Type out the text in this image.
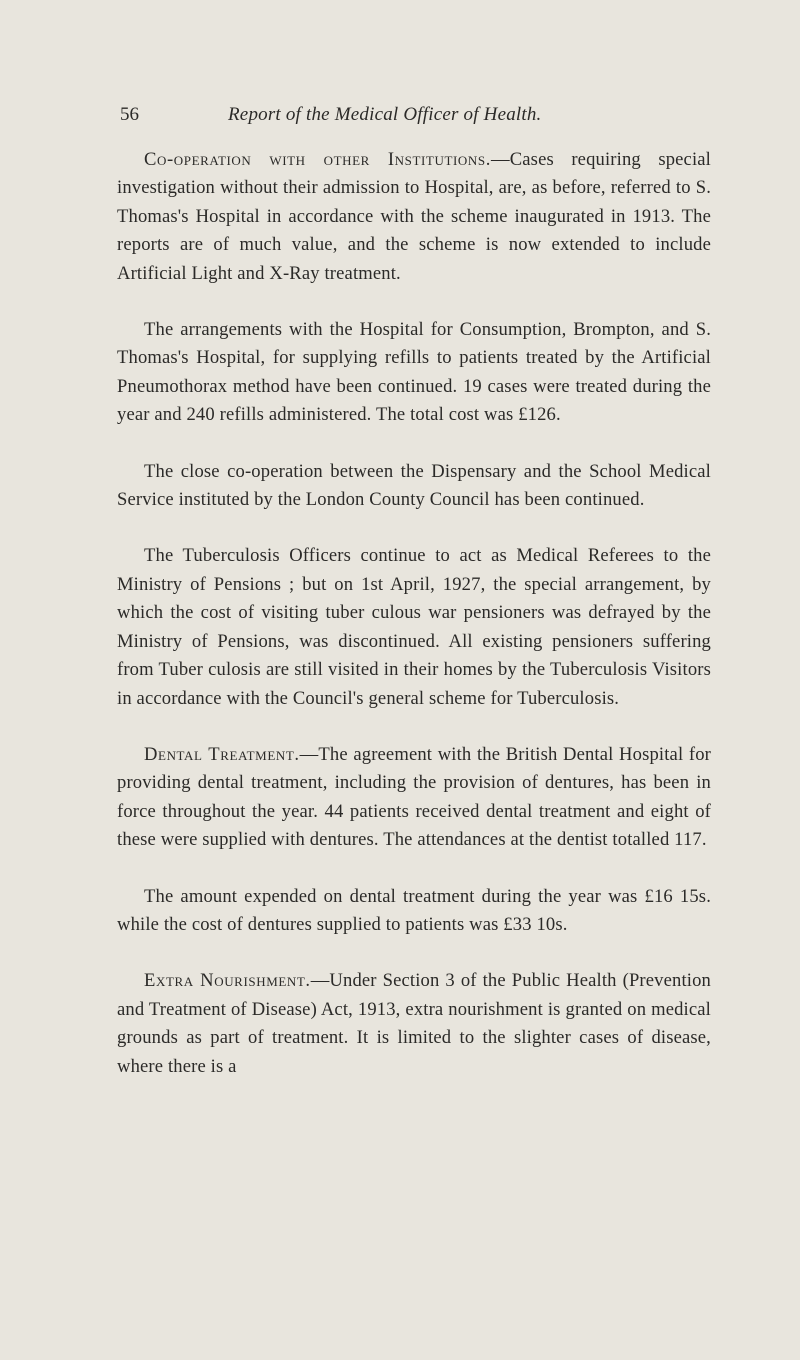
56	Report of the Medical Officer of Health.

Co-operation with other Institutions.—Cases requiring special investigation without their admission to Hospital, are, as before, referred to S. Thomas's Hospital in accordance with the scheme inaugurated in 1913. The reports are of much value, and the scheme is now extended to include Artificial Light and X-Ray treatment.

The arrangements with the Hospital for Consumption, Brompton, and S. Thomas's Hospital, for supplying refills to patients treated by the Artificial Pneumothorax method have been continued. 19 cases were treated during the year and 240 refills administered. The total cost was £126.

The close co-operation between the Dispensary and the School Medical Service instituted by the London County Council has been continued.

The Tuberculosis Officers continue to act as Medical Referees to the Ministry of Pensions ; but on 1st April, 1927, the special arrangement, by which the cost of visiting tuber culous war pensioners was defrayed by the Ministry of Pensions, was discontinued. All existing pensioners suffering from Tuber culosis are still visited in their homes by the Tuberculosis Visitors in accordance with the Council's general scheme for Tuberculosis.

Dental Treatment.—The agreement with the British Dental Hospital for providing dental treatment, including the provision of dentures, has been in force throughout the year. 44 patients received dental treatment and eight of these were supplied with dentures. The attendances at the dentist totalled 117.

The amount expended on dental treatment during the year was £16 15s. while the cost of dentures supplied to patients was £33 10s.

Extra Nourishment.—Under Section 3 of the Public Health (Prevention and Treatment of Disease) Act, 1913, extra nourishment is granted on medical grounds as part of treatment. It is limited to the slighter cases of disease, where there is a
